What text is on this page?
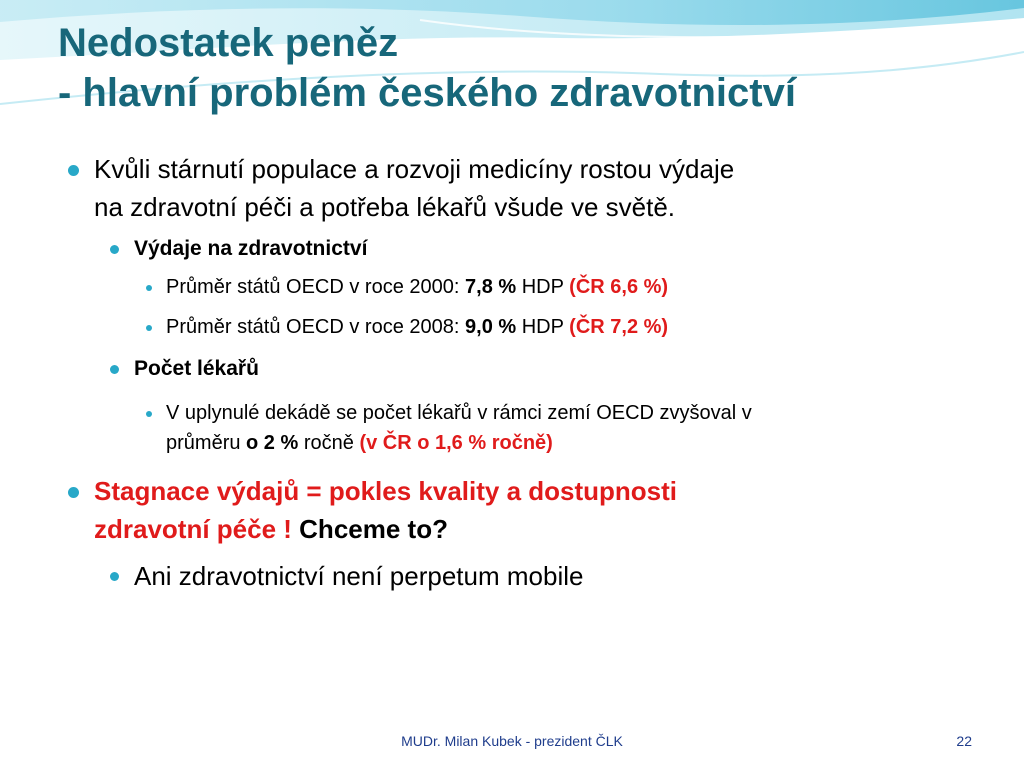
Nedostatek peněz
- hlavní problém českého zdravotnictví
Kvůli stárnutí populace a rozvoji medicíny rostou výdaje
na zdravotní péči a potřeba lékařů všude ve světě.
Výdaje na zdravotnictví
Průměr států OECD v roce 2000: 7,8 % HDP (ČR 6,6 %)
Průměr států OECD v roce 2008: 9,0 % HDP (ČR 7,2 %)
Počet lékařů
V uplynulé dekádě se počet lékařů v rámci zemí OECD zvyšoval v
průměru o 2 % ročně (v ČR o 1,6 % ročně)
Stagnace výdajů = pokles kvality a dostupnosti
zdravotní péče ! Chceme to?
Ani zdravotnictví není perpetum mobile
MUDr. Milan Kubek - prezident ČLK	22
